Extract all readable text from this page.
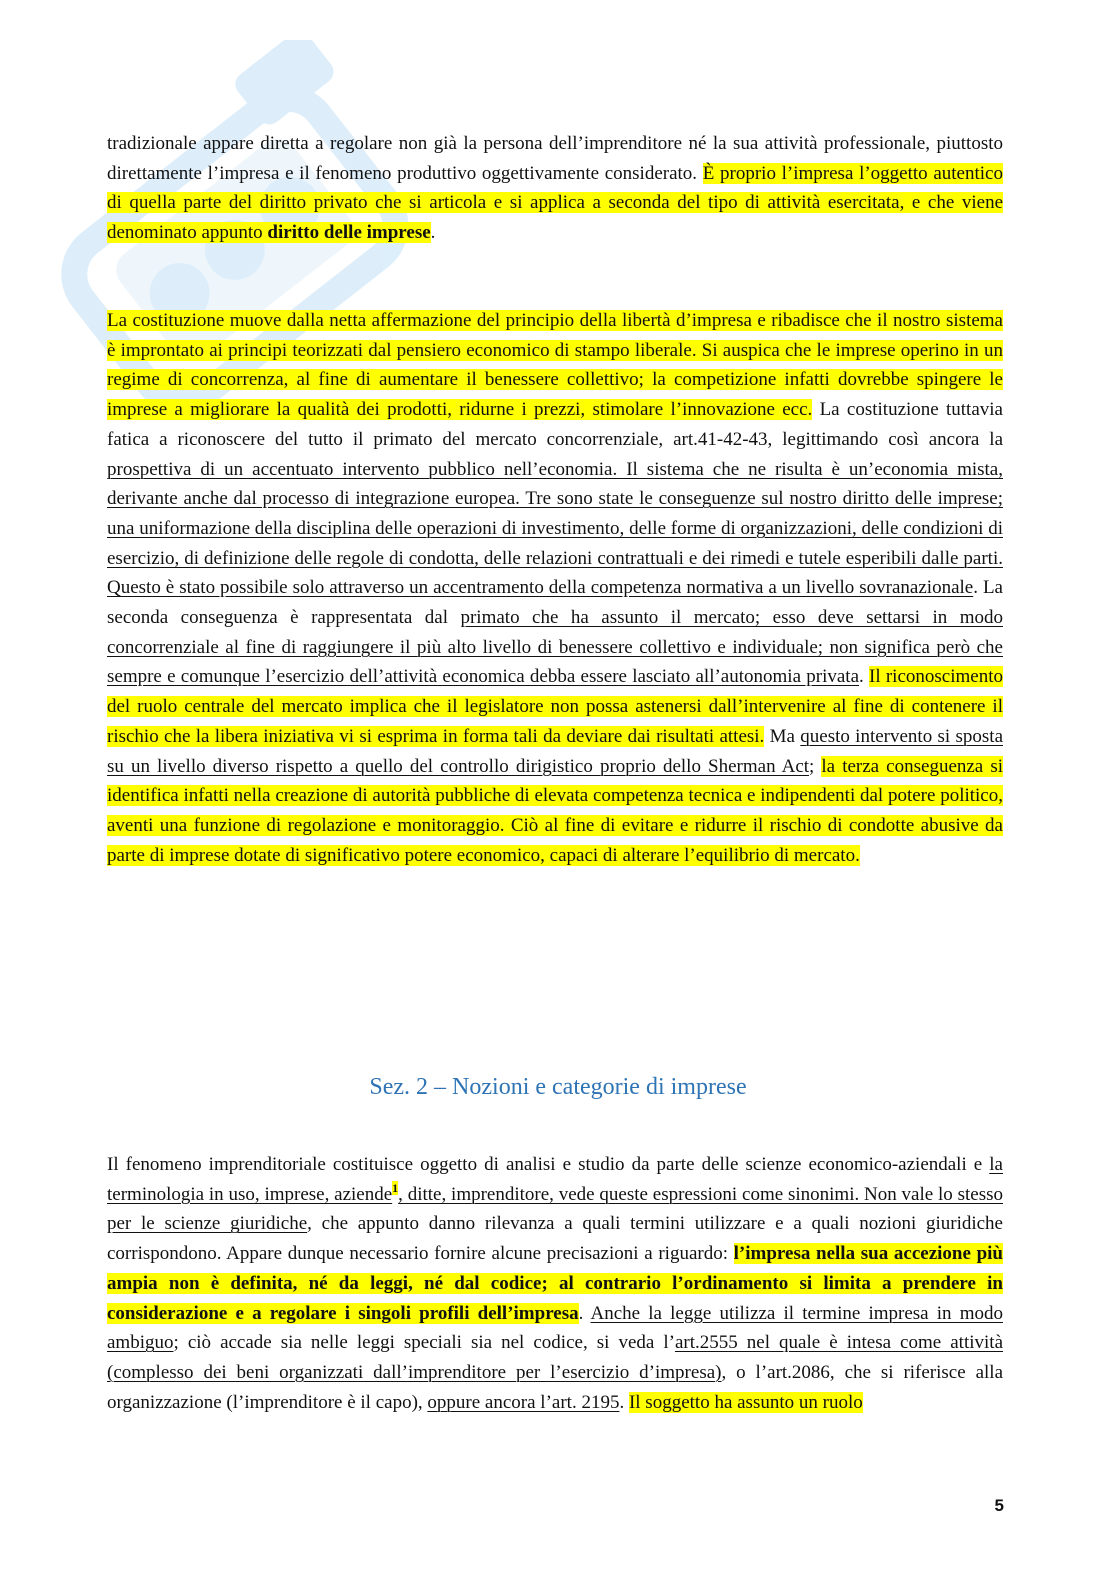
tradizionale appare diretta a regolare non già la persona dell’imprenditore né la sua attività professionale, piuttosto direttamente l’impresa e il fenomeno produttivo oggettivamente considerato. È proprio l’impresa l’oggetto autentico di quella parte del diritto privato che si articola e si applica a seconda del tipo di attività esercitata, e che viene denominato appunto diritto delle imprese.

La costituzione muove dalla netta affermazione del principio della libertà d’impresa e ribadisce che il nostro sistema è improntato ai principi teorizzati dal pensiero economico di stampo liberale. Si auspica che le imprese operino in un regime di concorrenza, al fine di aumentare il benessere collettivo; la competizione infatti dovrebbe spingere le imprese a migliorare la qualità dei prodotti, ridurne i prezzi, stimolare l’innovazione ecc. La costituzione tuttavia fatica a riconoscere del tutto il primato del mercato concorrenziale, art.41-42-43, legittimando così ancora la prospettiva di un accentuato intervento pubblico nell’economia. Il sistema che ne risulta è un’economia mista, derivante anche dal processo di integrazione europea. Tre sono state le conseguenze sul nostro diritto delle imprese; una uniformazione della disciplina delle operazioni di investimento, delle forme di organizzazioni, delle condizioni di esercizio, di definizione delle regole di condotta, delle relazioni contrattuali e dei rimedi e tutele esperibili dalle parti. Questo è stato possibile solo attraverso un accentramento della competenza normativa a un livello sovranazionale. La seconda conseguenza è rappresentata dal primato che ha assunto il mercato; esso deve settarsi in modo concorrenziale al fine di raggiungere il più alto livello di benessere collettivo e individuale; non significa però che sempre e comunque l’esercizio dell’attività economica debba essere lasciato all’autonomia privata. Il riconoscimento del ruolo centrale del mercato implica che il legislatore non possa astenersi dall’intervenire al fine di contenere il rischio che la libera iniziativa vi si esprima in forma tali da deviare dai risultati attesi. Ma questo intervento si sposta su un livello diverso rispetto a quello del controllo dirigistico proprio dello Sherman Act; la terza conseguenza si identifica infatti nella creazione di autorità pubbliche di elevata competenza tecnica e indipendenti dal potere politico, aventi una funzione di regolazione e monitoraggio. Ciò al fine di evitare e ridurre il rischio di condotte abusive da parte di imprese dotate di significativo potere economico, capaci di alterare l’equilibrio di mercato.

Sez. 2 – Nozioni e categorie di imprese

Il fenomeno imprenditoriale costituisce oggetto di analisi e studio da parte delle scienze economico-aziendali e la terminologia in uso, imprese, aziende$^1$, ditte, imprenditore, vede queste espressioni come sinonimi. Non vale lo stesso per le scienze giuridiche, che appunto danno rilevanza a quali termini utilizzare e a quali nozioni giuridiche corrispondono. Appare dunque necessario fornire alcune precisazioni a riguardo: l’impresa nella sua accezione più ampia non è definita, né da leggi, né dal codice; al contrario l’ordinamento si limita a prendere in considerazione e a regolare i singoli profili dell’impresa. Anche la legge utilizza il termine impresa in modo ambiguo; ciò accade sia nelle leggi speciali sia nel codice, si veda l’art.2555 nel quale è intesa come attività (complesso dei beni organizzati dall’imprenditore per l’esercizio d’impresa), o l’art.2086, che si riferisce alla organizzazione (l’imprenditore è il capo), oppure ancora l’art. 2195. Il soggetto ha assunto un ruolo

5
